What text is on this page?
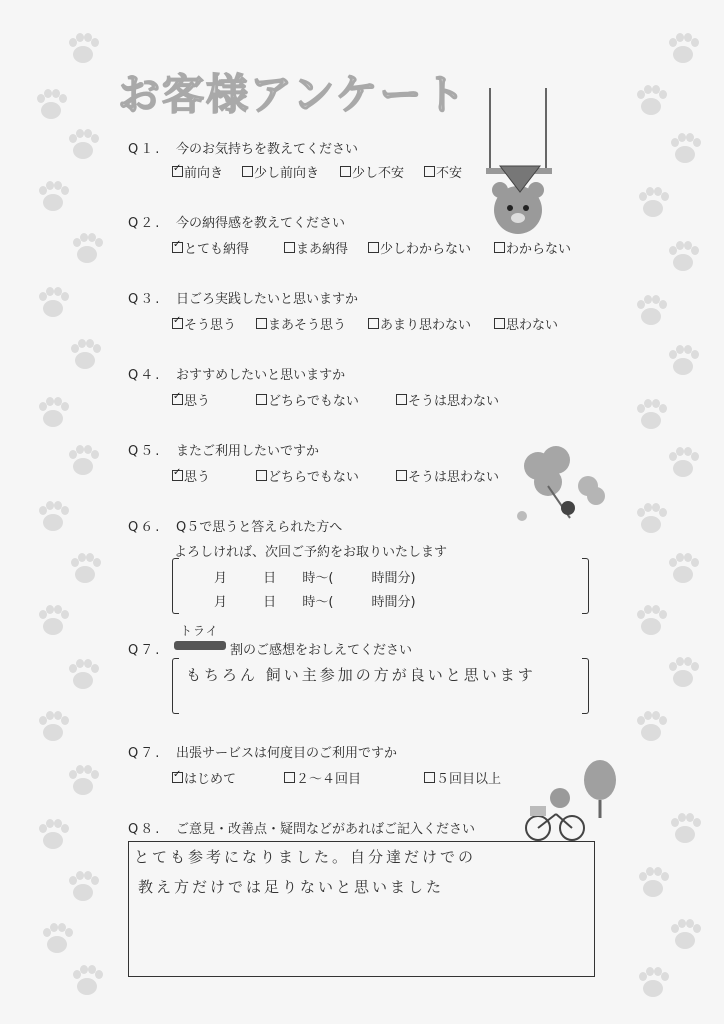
お客様アンケート
Q１. 今のお気持ちを教えてください
✓前向き	少し前向き	少し不安	不安
Q２. 今の納得感を教えてください
✓とても納得	まあ納得	少しわからない	わからない
Q３. 日ごろ実践したいと思いますか
✓そう思う	まあそう思う	あまり思わない	思わない
Q４. おすすめしたいと思いますか
✓思う	どちらでもない	そうは思わない
Q５. またご利用したいですか
✓思う	どちらでもない	そうは思わない
Q６. Q５で思うと答えられた方へ
よろしければ、次回ご予約をお取りいたします
月	日 時〜(	時間分)
月	日 時〜(	時間分)
トライ
Q７.	割のご感想をおしえてください
もちろん 飼い主参加の方が良いと思います
Q７. 出張サービスは何度目のご利用ですか
✓はじめて	２〜４回目	５回目以上
Q８. ご意見・改善点・疑問などがあればご記入ください
とても参考になりました。自分達だけでの
教え方だけでは足りないと思いました
